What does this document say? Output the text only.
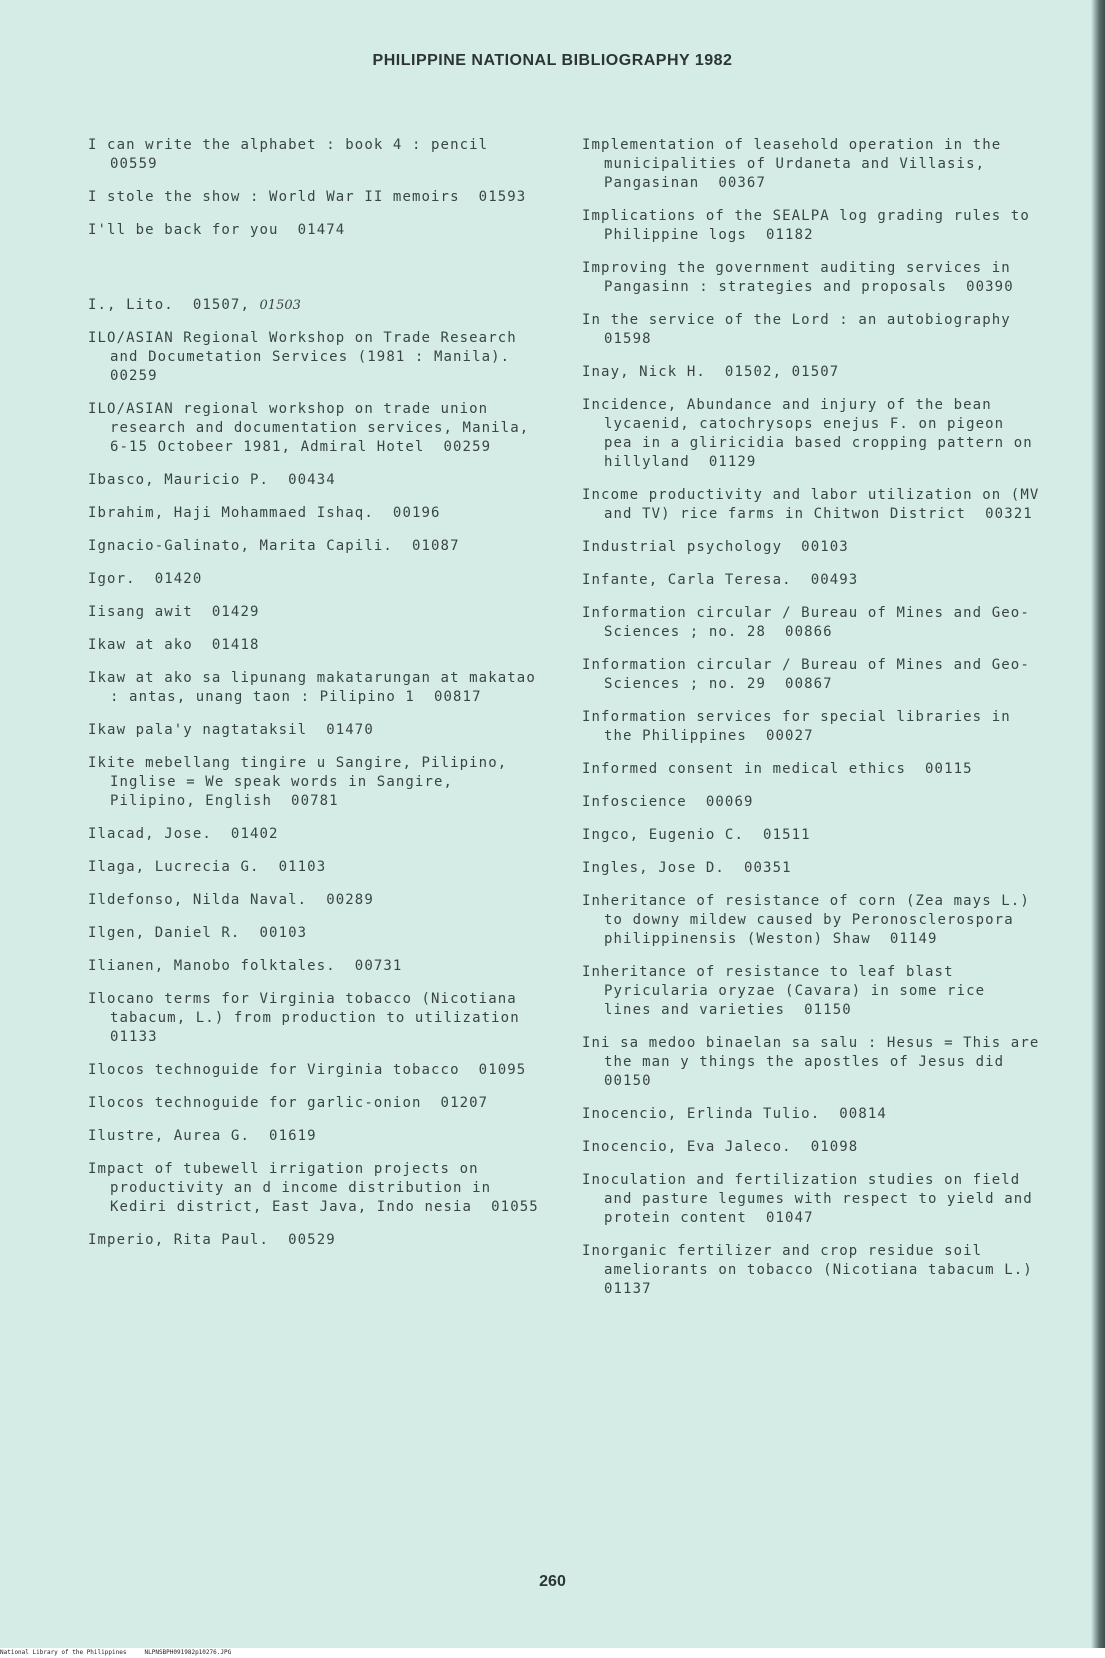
PHILIPPINE NATIONAL BIBLIOGRAPHY 1982
I can write the alphabet : book 4 : pencil  00559
I stole the show : World War II memoirs  01593
I'll be back for you  01474
I., Lito.  01507, 01503
ILO/ASIAN Regional Workshop on Trade Research and Documetation Services (1981 : Manila).  00259
ILO/ASIAN regional workshop on trade union research and documentation services, Manila, 6-15 Octobeer 1981, Admiral Hotel  00259
Ibasco, Mauricio P.  00434
Ibrahim, Haji Mohammaed Ishaq.  00196
Ignacio-Galinato, Marita Capili.  01087
Igor.  01420
Iisang awit  01429
Ikaw at ako  01418
Ikaw at ako sa lipunang makatarungan at makatao : antas, unang taon : Pilipino 1  00817
Ikaw pala'y nagtataksil  01470
Ikite mebellang tingire u Sangire, Pilipino, Inglise = We speak words in Sangire, Pilipino, English  00781
Ilacad, Jose.  01402
Ilaga, Lucrecia G.  01103
Ildefonso, Nilda Naval.  00289
Ilgen, Daniel R.  00103
Ilianen, Manobo folktales.  00731
Ilocano terms for Virginia tobacco (Nicotiana tabacum, L.) from production to utilization  01133
Ilocos technoguide for Virginia tobacco  01095
Ilocos technoguide for garlic-onion  01207
Ilustre, Aurea G.  01619
Impact of tubewell irrigation projects on productivity an d income distribution in Kediri district, East Java, Indo nesia  01055
Imperio, Rita Paul.  00529
Implementation of leasehold operation in the municipalities of Urdaneta and Villasis, Pangasinan  00367
Implications of the SEALPA log grading rules to Philippine logs  01182
Improving the government auditing services in Pangasinn : strategies and proposals  00390
In the service of the Lord : an autobiography  01598
Inay, Nick H.  01502, 01507
Incidence, Abundance and injury of the bean lycaenid, catochrysops enejus F. on pigeon pea in a gliricidia based cropping pattern on hillyland  01129
Income productivity and labor utilization on (MV and TV) rice farms in Chitwon District  00321
Industrial psychology  00103
Infante, Carla Teresa.  00493
Information circular / Bureau of Mines and Geo-Sciences ; no. 28  00866
Information circular / Bureau of Mines and Geo-Sciences ; no. 29  00867
Information services for special libraries in the Philippines  00027
Informed consent in medical ethics  00115
Infoscience  00069
Ingco, Eugenio C.  01511
Ingles, Jose D.  00351
Inheritance of resistance of corn (Zea mays L.) to downy mildew caused by Peronosclerospora philippinensis (Weston) Shaw  01149
Inheritance of resistance to leaf blast Pyricularia oryzae (Cavara) in some rice lines and varieties  01150
Ini sa medoo binaelan sa salu : Hesus = This are the man y things the apostles of Jesus did  00150
Inocencio, Erlinda Tulio.  00814
Inocencio, Eva Jaleco.  01098
Inoculation and fertilization studies on field and pasture legumes with respect to yield and protein content  01047
Inorganic fertilizer and crop residue soil ameliorants on tobacco (Nicotiana tabacum L.)  01137
260
National Library of the Philippines	NLPNSBPH091982p10276.JPG
